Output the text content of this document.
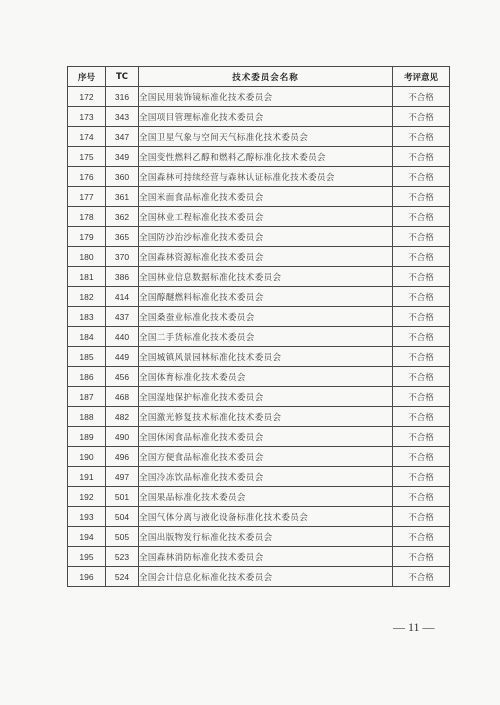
序号	TC	技术委员会名称	考评意见
172	316	全国民用装饰镜标准化技术委员会	不合格
173	343	全国项目管理标准化技术委员会	不合格
174	347	全国卫星气象与空间天气标准化技术委员会	不合格
175	349	全国变性燃料乙醇和燃料乙醇标准化技术委员会	不合格
176	360	全国森林可持续经营与森林认证标准化技术委员会	不合格
177	361	全国米面食品标准化技术委员会	不合格
178	362	全国林业工程标准化技术委员会	不合格
179	365	全国防沙治沙标准化技术委员会	不合格
180	370	全国森林资源标准化技术委员会	不合格
181	386	全国林业信息数据标准化技术委员会	不合格
182	414	全国醇醚燃料标准化技术委员会	不合格
183	437	全国桑蚕业标准化技术委员会	不合格
184	440	全国二手货标准化技术委员会	不合格
185	449	全国城镇风景园林标准化技术委员会	不合格
186	456	全国体育标准化技术委员会	不合格
187	468	全国湿地保护标准化技术委员会	不合格
188	482	全国激光修复技术标准化技术委员会	不合格
189	490	全国休闲食品标准化技术委员会	不合格
190	496	全国方便食品标准化技术委员会	不合格
191	497	全国冷冻饮品标准化技术委员会	不合格
192	501	全国果品标准化技术委员会	不合格
193	504	全国气体分离与液化设备标准化技术委员会	不合格
194	505	全国出版物发行标准化技术委员会	不合格
195	523	全国森林消防标准化技术委员会	不合格
196	524	全国会计信息化标准化技术委员会	不合格
— 11 —
